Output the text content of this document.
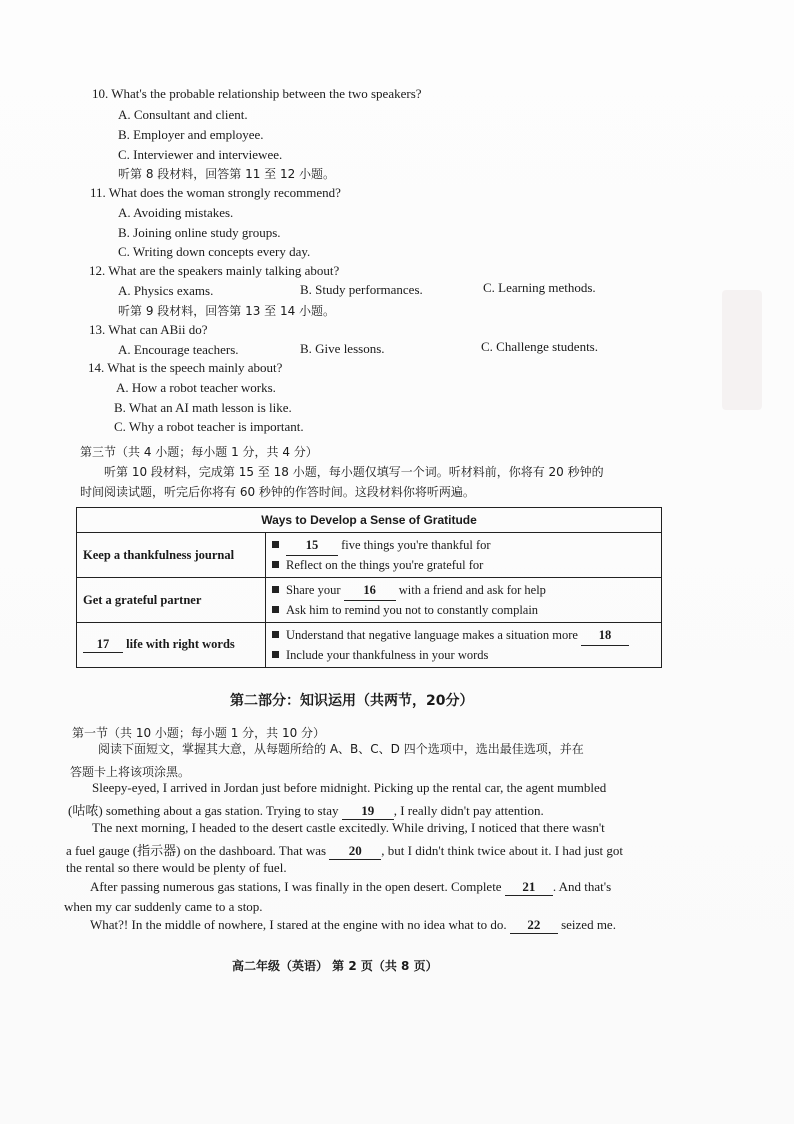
10. What's the probable relationship between the two speakers?
A. Consultant and client.
B. Employer and employee.
C. Interviewer and interviewee.
听第 8 段材料，回答第 11 至 12 小题。
11. What does the woman strongly recommend?
A. Avoiding mistakes.
B. Joining online study groups.
C. Writing down concepts every day.
12. What are the speakers mainly talking about?
A. Physics exams.	B. Study performances.	C. Learning methods.
听第 9 段材料，回答第 13 至 14 小题。
13. What can ABii do?
A. Encourage teachers.	B. Give lessons.	C. Challenge students.
14. What is the speech mainly about?
A. How a robot teacher works.
B. What an AI math lesson is like.
C. Why a robot teacher is important.
第三节（共 4 小题；每小题 1 分，共 4 分）
听第 10 段材料，完成第 15 至 18 小题，每小题仅填写一个词。听材料前，你将有 20 秒钟的
时间阅读试题，听完后你将有 60 秒钟的作答时间。这段材料你将听两遍。
Ways to Develop a Sense of Gratitude	
Keep a thankfulness journal	15 five things you're thankful for
Reflect on the things you're grateful for

Get a grateful partner	Share your 16 with a friend and ask for help
Ask him to remind you not to constantly complain

17 life with right words	Understand that negative language makes a situation more 18
Include your thankfulness in your words
第二部分：知识运用（共两节，20分）
第一节（共 10 小题；每小题 1 分，共 10 分）
阅读下面短文，掌握其大意，从每题所给的 A、B、C、D 四个选项中，选出最佳选项，并在
答题卡上将该项涂黑。
Sleepy-eyed, I arrived in Jordan just before midnight. Picking up the rental car, the agent mumbled
(咕哝) something about a gas station. Trying to stay 19 , I really didn't pay attention.
The next morning, I headed to the desert castle excitedly. While driving, I noticed that there wasn't
a fuel gauge (指示器) on the dashboard. That was 20 , but I didn't think twice about it. I had just got
the rental so there would be plenty of fuel.
After passing numerous gas stations, I was finally in the open desert. Complete 21 . And that's
when my car suddenly came to a stop.
What?! In the middle of nowhere, I stared at the engine with no idea what to do. 22 seized me.
高二年级（英语） 第 2 页（共 8 页）
